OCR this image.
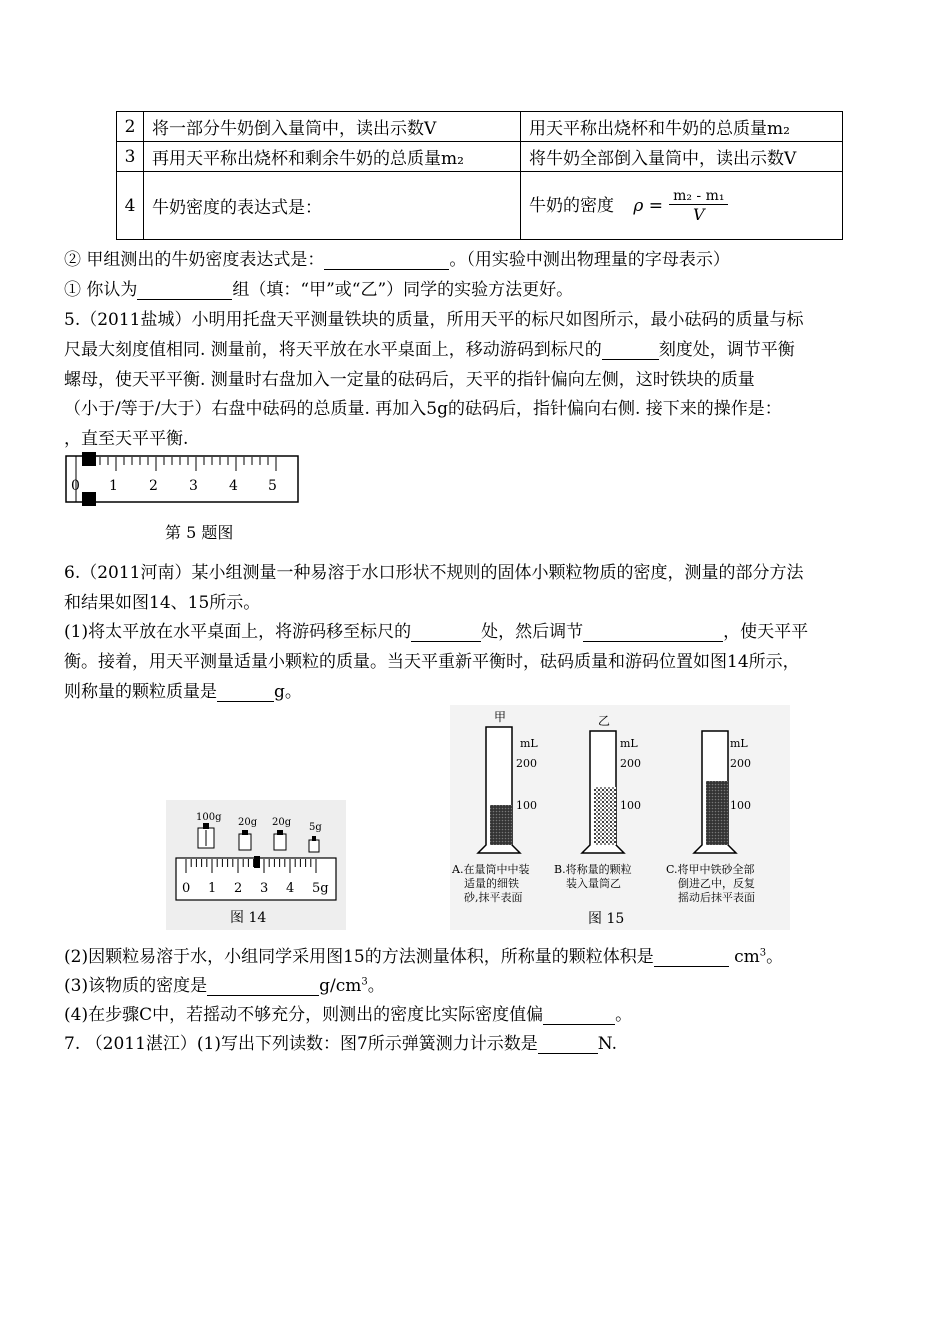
2	将一部分牛奶倒入量筒中，读出示数V	用天平称出烧杯和牛奶的总质量m₂
3	再用天平称出烧杯和剩余牛奶的总质量m₂	将牛奶全部倒入量筒中，读出示数V
4	牛奶密度的表达式是：	牛奶的密度 $\rho = \frac{\text{m₂ - m₁}}{V}$
② 甲组测出的牛奶密度表达式是：	。（用实验中测出物理量的字母表示）
① 你认为	组（填：“甲”或“乙”）同学的实验方法更好。
5.（2011盐城）小明用托盘天平测量铁块的质量，所用天平的标尺如图所示，最小砝码的质量与标
尺最大刻度值相同. 测量前，将天平放在水平桌面上，移动游码到标尺的	刻度处，调节平衡
螺母，使天平平衡. 测量时右盘加入一定量的砝码后，天平的指针偏向左侧，这时铁块的质量
（小于/等于/大于）右盘中砝码的总质量. 再加入5g的砝码后，指针偏向右侧. 接下来的操作是：
，直至天平平衡.
0 1 2 3 4 5
第 5 题图
6.（2011河南）某小组测量一种易溶于水口形状不规则的固体小颗粒物质的密度，测量的部分方法
和结果如图14、15所示。
(1)将太平放在水平桌面上，将游码移至标尺的	处，然后调节	，使天平平
衡。接着，用天平测量适量小颗粒的质量。当天平重新平衡时，砝码质量和游码位置如图14所示，
则称量的颗粒质量是	g。
100g 20g 20g 5g
0 1 2 3 4 5g
图 14
甲
mL
200
100
乙
mL
200
100
mL
200
100
A.在量筒中中装
适量的细铁
砂,抹平表面
B.将称量的颗粒
装入量筒乙
C.将甲中铁砂全部
倒进乙中，反复
摇动后抹平表面
图 15
(2)因颗粒易溶于水，小组同学采用图15的方法测量体积，所称量的颗粒体积是	$cm^3$。
(3)该物质的密度是	$g/cm^3$。
(4)在步骤C中，若摇动不够充分，则测出的密度比实际密度值偏	。
7. （2011湛江）(1)写出下列读数：图7所示弹簧测力计示数是	N.
